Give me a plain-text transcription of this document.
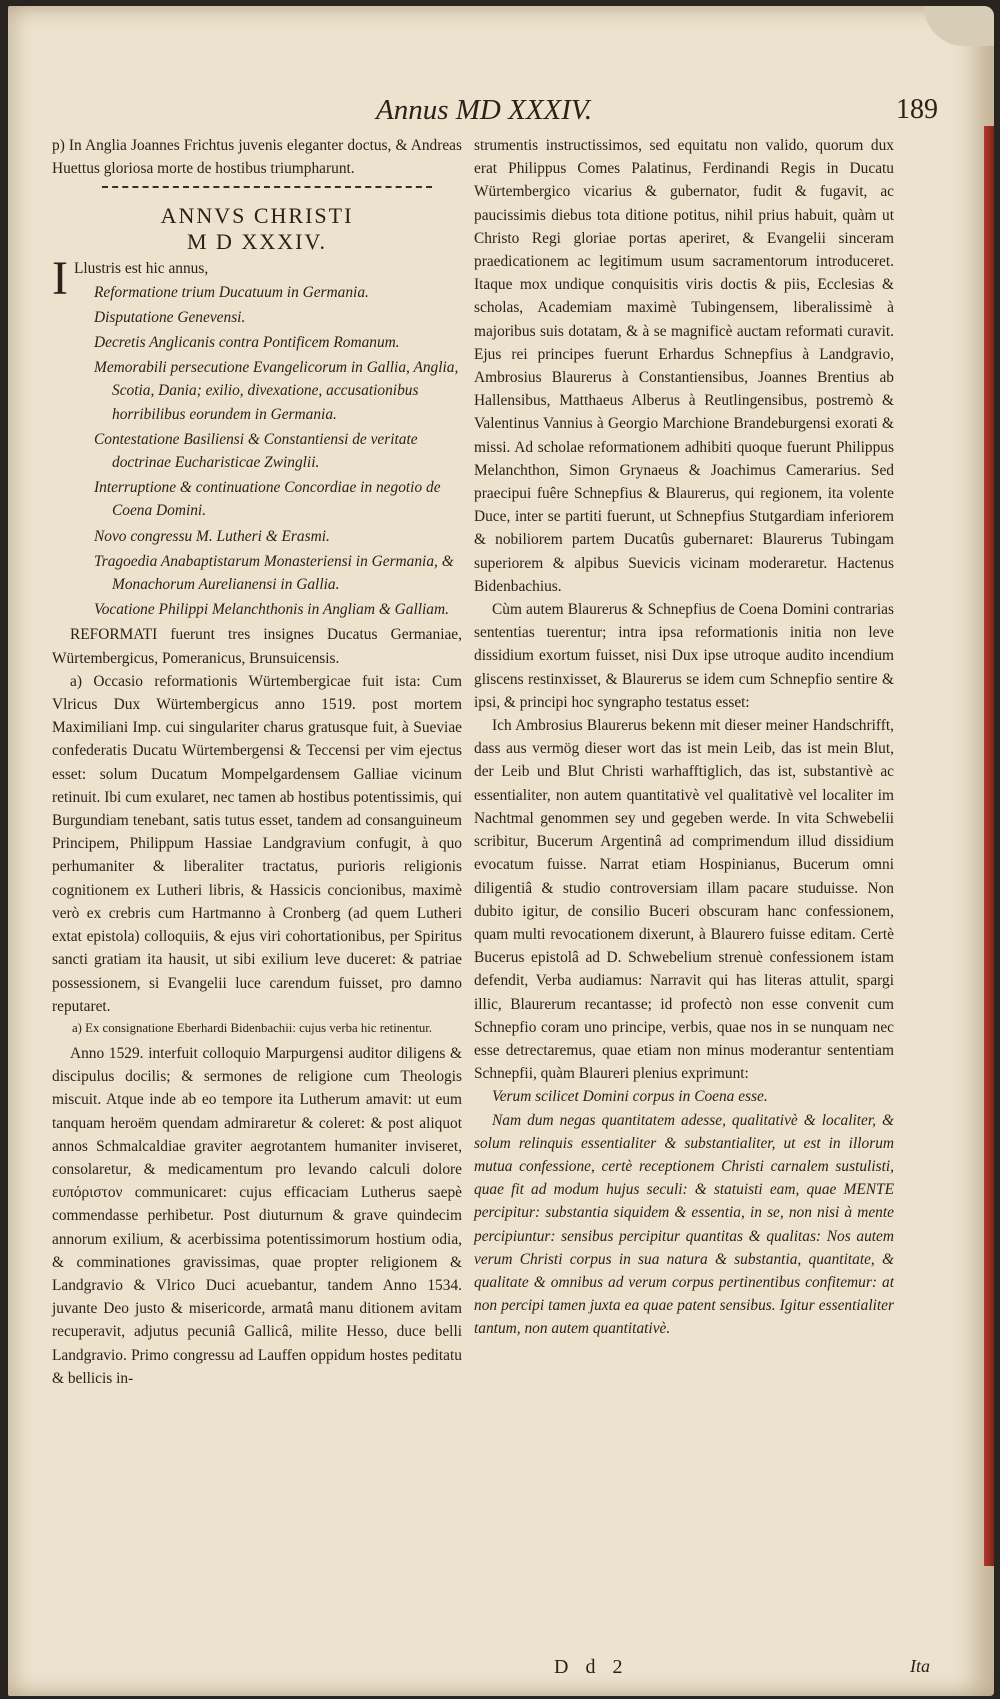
Annus MD XXXIV.	189

p) In Anglia Joannes Frichtus juvenis eleganter doctus, & Andreas Huettus gloriosa morte de hostibus triumpharunt.

ANNVS CHRISTI
M D XXXIV.

I Llustris est hic annus,

Reformatione trium Ducatuum in Germania.
Disputatione Genevensi.
Decretis Anglicanis contra Pontificem Romanum.
Memorabili persecutione Evangelicorum in Gallia, Anglia, Scotia, Dania; exilio, divexatione, accusationibus horribilibus eorundem in Germania.
Contestatione Basiliensi & Constantiensi de veritate doctrinae Eucharisticae Zwinglii.
Interruptione & continuatione Concordiae in negotio de Coena Domini.
Novo congressu M. Lutheri & Erasmi.
Tragoedia Anabaptistarum Monasteriensi in Germania, & Monachorum Aurelianensi in Gallia.
Vocatione Philippi Melanchthonis in Angliam & Galliam.

REFORMATI fuerunt tres insignes Ducatus Germaniae, Würtembergicus, Pomeranicus, Brunsuicensis.

a) Occasio reformationis Würtembergicae fuit ista: Cum Vlricus Dux Würtembergicus anno 1519. post mortem Maximiliani Imp. cui singulariter charus gratusque fuit, à Sueviae confederatis Ducatu Würtembergensi & Teccensi per vim ejectus esset: solum Ducatum Mompelgardensem Galliae vicinum retinuit. Ibi cum exularet, nec tamen ab hostibus potentissimis, qui Burgundiam tenebant, satis tutus esset, tandem ad consanguineum Principem, Philippum Hassiae Landgravium confugit, à quo perhumaniter & liberaliter tractatus, purioris religionis cognitionem ex Lutheri libris, & Hassicis concionibus, maximè verò ex crebris cum Hartmanno à Cronberg (ad quem Lutheri extat epistola) colloquiis, & ejus viri cohortationibus, per Spiritus sancti gratiam ita hausit, ut sibi exilium leve duceret: & patriae possessionem, si Evangelii luce carendum fuisset, pro damno reputaret.

a) Ex consignatione Eberhardi Bidenbachii: cujus verba hic retinentur.

Anno 1529. interfuit colloquio Marpurgensi auditor diligens & discipulus docilis; & sermones de religione cum Theologis miscuit. Atque inde ab eo tempore ita Lutherum amavit: ut eum tanquam heroëm quendam admiraretur & coleret: & post aliquot annos Schmalcaldiae graviter aegrotantem humaniter inviseret, consolaretur, & medicamentum pro levando calculi dolore ευπόριστον communicaret: cujus efficaciam Lutherus saepè commendasse perhibetur. Post diuturnum & grave quindecim annorum exilium, & acerbissima potentissimorum hostium odia, & comminationes gravissimas, quae propter religionem & Landgravio & Vlrico Duci acuebantur, tandem Anno 1534. juvante Deo justo & misericorde, armatâ manu ditionem avitam recuperavit, adjutus pecuniâ Gallicâ, milite Hesso, duce belli Landgravio. Primo congressu ad Lauffen oppidum hostes peditatu & bellicis in-

strumentis instructissimos, sed equitatu non valido, quorum dux erat Philippus Comes Palatinus, Ferdinandi Regis in Ducatu Würtembergico vicarius & gubernator, fudit & fugavit, ac paucissimis diebus tota ditione potitus, nihil prius habuit, quàm ut Christo Regi gloriae portas aperiret, & Evangelii sinceram praedicationem ac legitimum usum sacramentorum introduceret. Itaque mox undique conquisitis viris doctis & piis, Ecclesias & scholas, Academiam maximè Tubingensem, liberalissimè à majoribus suis dotatam, & à se magnificè auctam reformati curavit. Ejus rei principes fuerunt Erhardus Schnepfius à Landgravio, Ambrosius Blaurerus à Constantiensibus, Joannes Brentius ab Hallensibus, Matthaeus Alberus à Reutlingensibus, postremò & Valentinus Vannius à Georgio Marchione Brandeburgensi exorati & missi. Ad scholae reformationem adhibiti quoque fuerunt Philippus Melanchthon, Simon Grynaeus & Joachimus Camerarius. Sed praecipui fuêre Schnepfius & Blaurerus, qui regionem, ita volente Duce, inter se partiti fuerunt, ut Schnepfius Stutgardiam inferiorem & nobiliorem partem Ducatûs gubernaret: Blaurerus Tubingam superiorem & alpibus Suevicis vicinam moderaretur. Hactenus Bidenbachius.

Cùm autem Blaurerus & Schnepfius de Coena Domini contrarias sententias tuerentur; intra ipsa reformationis initia non leve dissidium exortum fuisset, nisi Dux ipse utroque audito incendium gliscens restinxisset, & Blaurerus se idem cum Schnepfio sentire & ipsi, & principi hoc syngrapho testatus esset:

Ich Ambrosius Blaurerus bekenn mit dieser meiner Handschrifft, dass aus vermög dieser wort das ist mein Leib, das ist mein Blut, der Leib und Blut Christi warhafftiglich, das ist, substantivè ac essentialiter, non autem quantitativè vel qualitativè vel localiter im Nachtmal genommen sey und gegeben werde. In vita Schwebelii scribitur, Bucerum Argentinâ ad comprimendum illud dissidium evocatum fuisse. Narrat etiam Hospinianus, Bucerum omni diligentiâ & studio controversiam illam pacare studuisse. Non dubito igitur, de consilio Buceri obscuram hanc confessionem, quam multi revocationem dixerunt, à Blaurero fuisse editam. Certè Bucerus epistolâ ad D. Schwebelium strenuè confessionem istam defendit, Verba audiamus: Narravit qui has literas attulit, spargi illic, Blaurerum recantasse; id profectò non esse convenit cum Schnepfio coram uno principe, verbis, quae nos in se nunquam nec esse detrectaremus, quae etiam non minus moderantur sententiam Schnepfii, quàm Blaureri plenius exprimunt:

Verum scilicet Domini corpus in Coena esse.

Nam dum negas quantitatem adesse, qualitativè & localiter, & solum relinquis essentialiter & substantialiter, ut est in illorum mutua confessione, certè receptionem Christi carnalem sustulisti, quae fit ad modum hujus seculi: & statuisti eam, quae MENTE percipitur: substantia siquidem & essentia, in se, non nisi à mente percipiuntur: sensibus percipitur quantitas & qualitas: Nos autem verum Christi corpus in sua natura & substantia, quantitate, & qualitate & omnibus ad verum corpus pertinentibus confitemur: at non percipi tamen juxta ea quae patent sensibus. Igitur essentialiter tantum, non autem quantitativè.

D d 2	Ita
